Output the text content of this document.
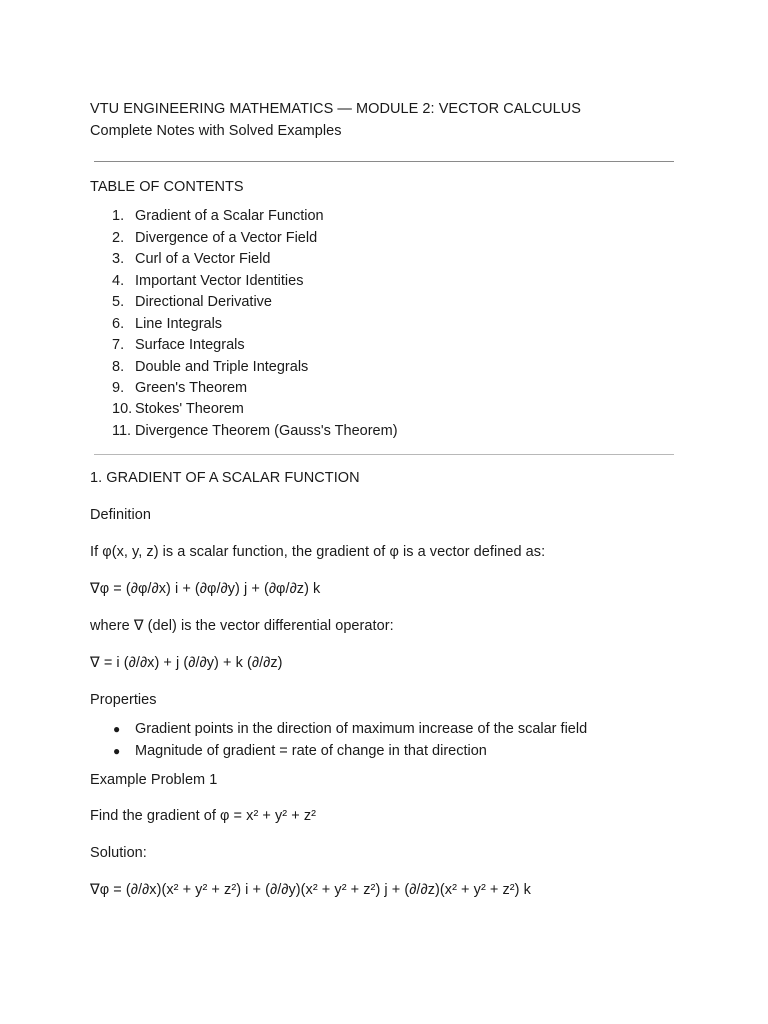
VTU ENGINEERING MATHEMATICS — MODULE 2: VECTOR CALCULUS
Complete Notes with Solved Examples
TABLE OF CONTENTS
1. Gradient of a Scalar Function
2. Divergence of a Vector Field
3. Curl of a Vector Field
4. Important Vector Identities
5. Directional Derivative
6. Line Integrals
7. Surface Integrals
8. Double and Triple Integrals
9. Green's Theorem
10. Stokes' Theorem
11. Divergence Theorem (Gauss's Theorem)
1. GRADIENT OF A SCALAR FUNCTION
Definition
If φ(x, y, z) is a scalar function, the gradient of φ is a vector defined as:
∇φ = (∂φ/∂x) i + (∂φ/∂y) j + (∂φ/∂z) k
where ∇ (del) is the vector differential operator:
∇ = i (∂/∂x) + j (∂/∂y) + k (∂/∂z)
Properties
● Gradient points in the direction of maximum increase of the scalar field
● Magnitude of gradient = rate of change in that direction
Example Problem 1
Find the gradient of φ = x² + y² + z²
Solution:
∇φ = (∂/∂x)(x² + y² + z²) i + (∂/∂y)(x² + y² + z²) j + (∂/∂z)(x² + y² + z²) k
